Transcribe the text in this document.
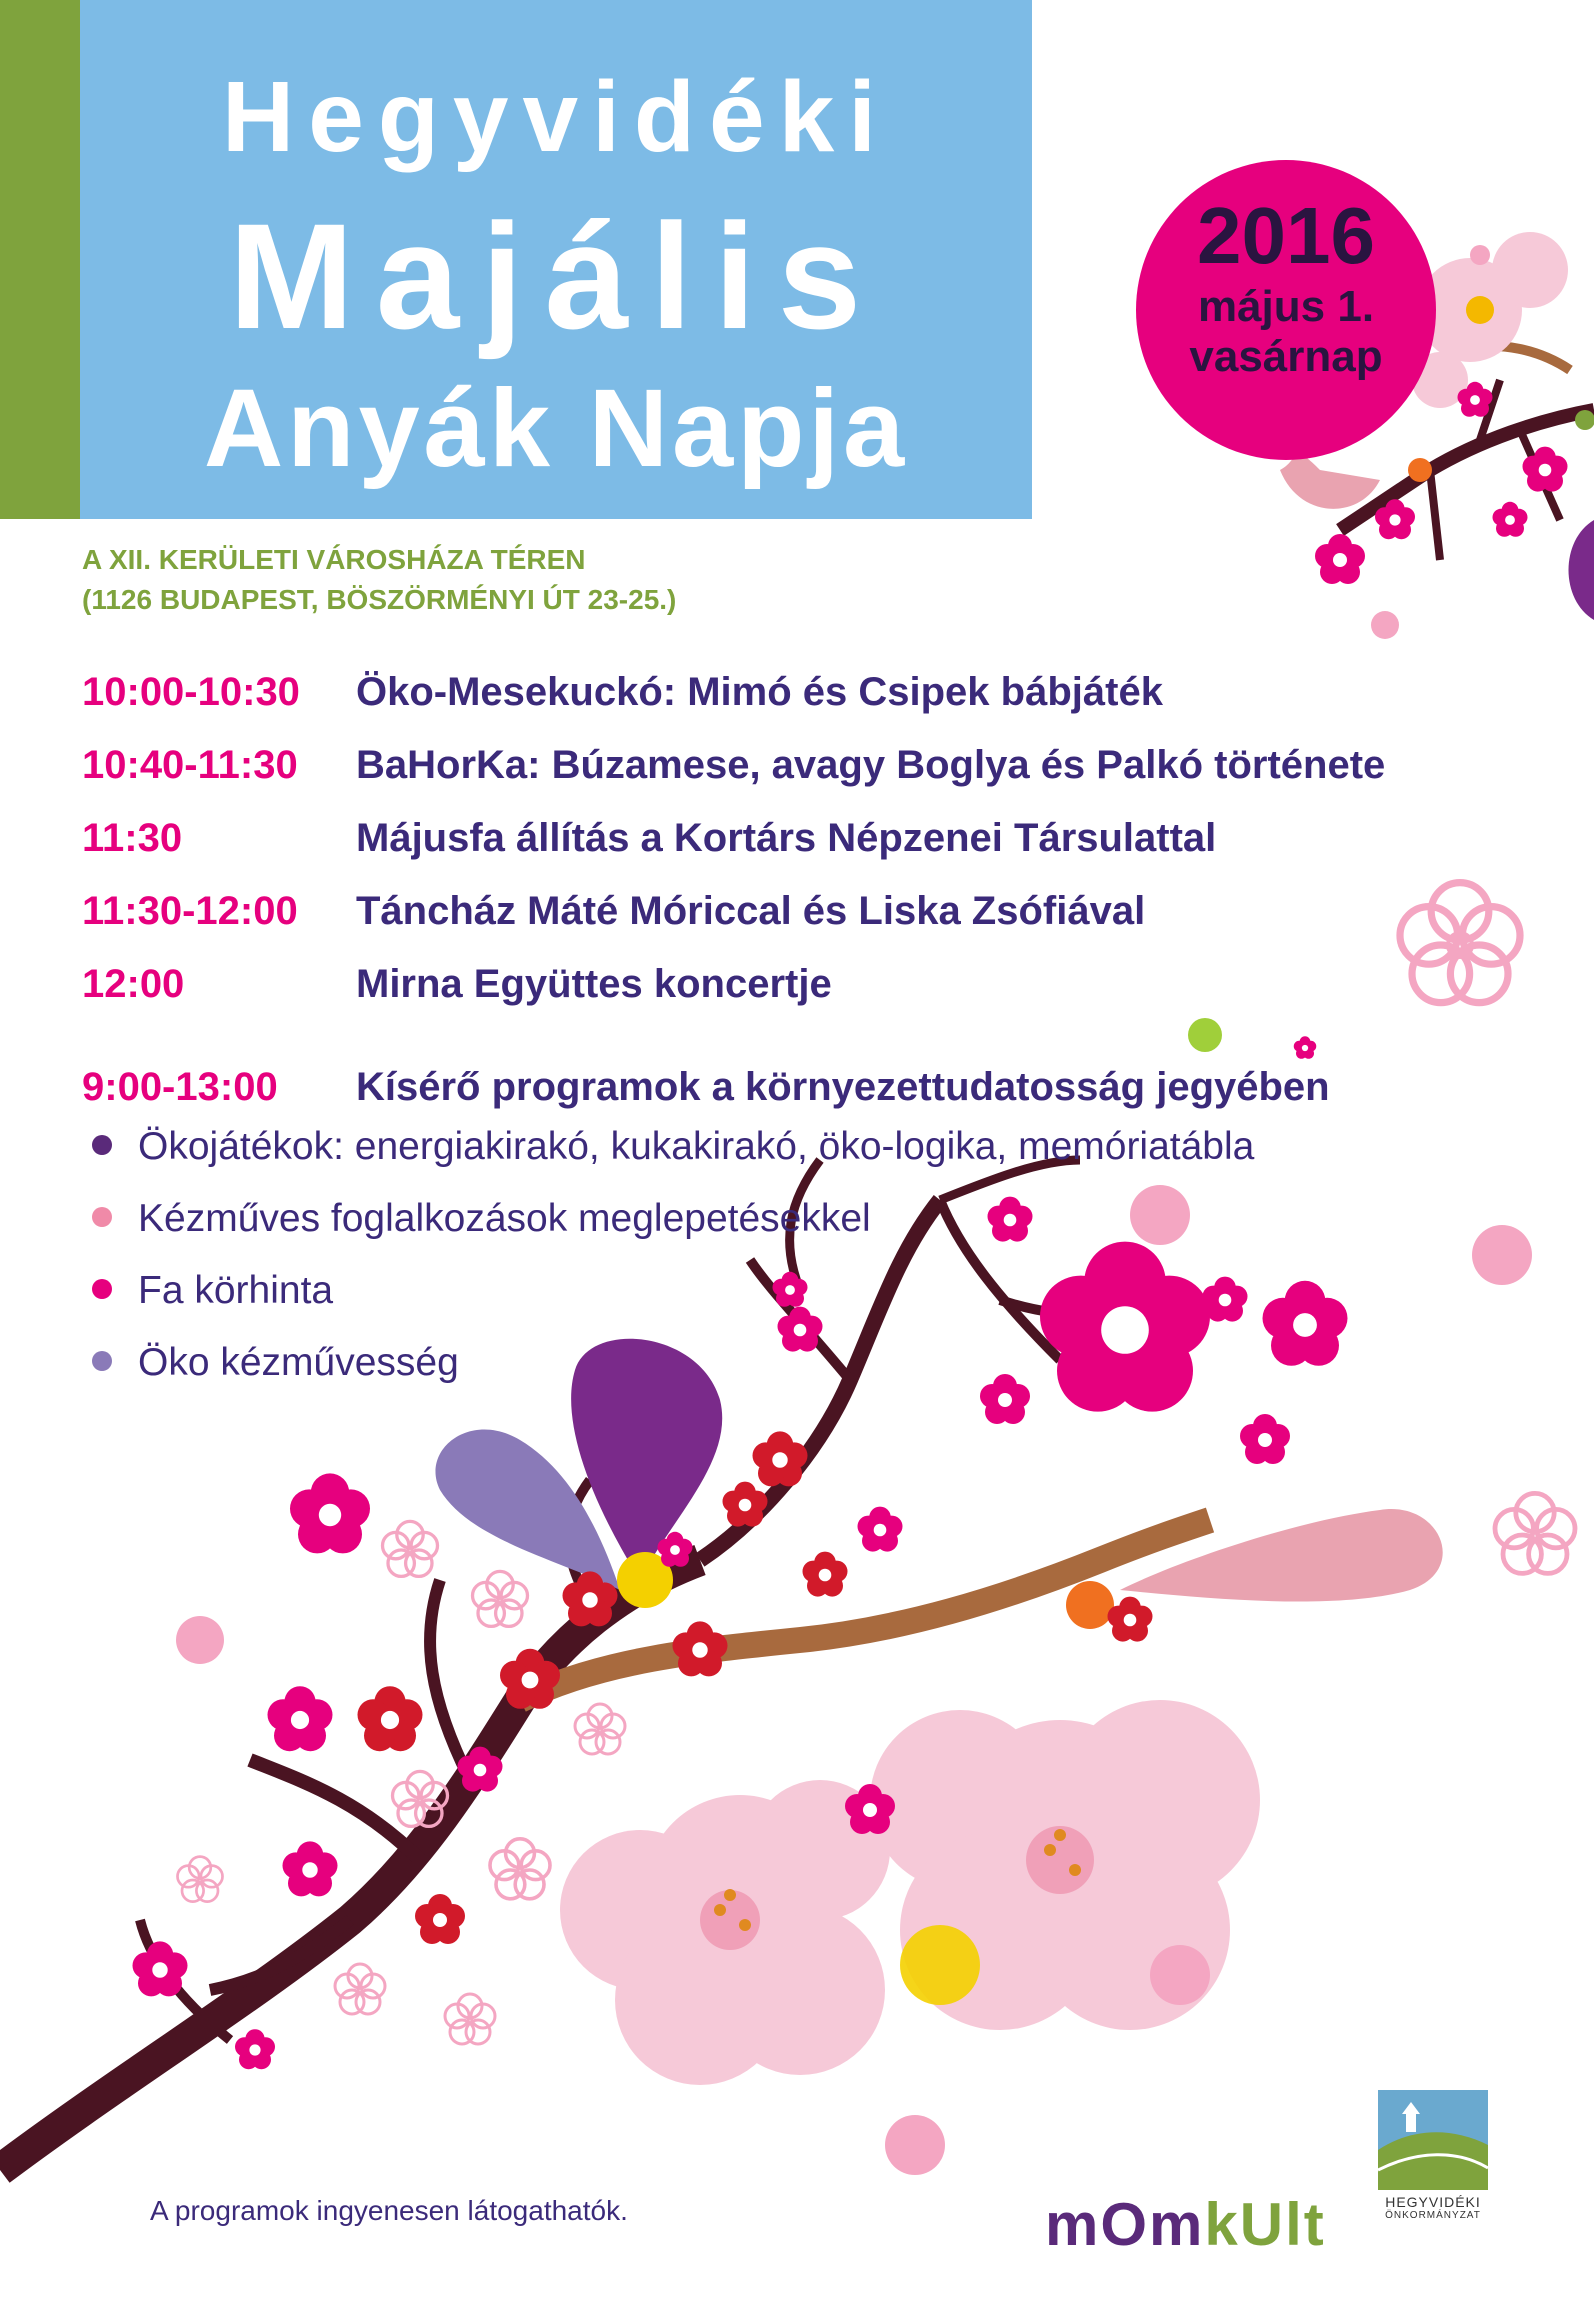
Hegyvidéki
Majális
Anyák Napja
2016
május 1.
vasárnap
A XII. KERÜLETI VÁROSHÁZA TÉREN
(1126 BUDAPEST, BÖSZÖRMÉNYI ÚT 23-25.)
10:00-10:30 Öko-Mesekuckó: Mimó és Csipek bábjáték
10:40-11:30 BaHorKa: Búzamese, avagy Boglya és Palkó története
11:30	Májusfa állítás a Kortárs Népzenei Társulattal
11:30-12:00 Táncház Máté Móriccal és Liska Zsófiával
12:00	Mirna Együttes koncertje
9:00-13:00 Kísérő programok a környezettudatosság jegyében
Ökojátékok: energiakirakó, kukakirakó, öko-logika, memóriatábla
Kézműves foglalkozások meglepetésekkel
Fa körhinta
Öko kézművesség
A programok ingyenesen látogathatók.	mOmkUlt	HEGYVIDÉKI
ÖNKORMÁNYZAT
